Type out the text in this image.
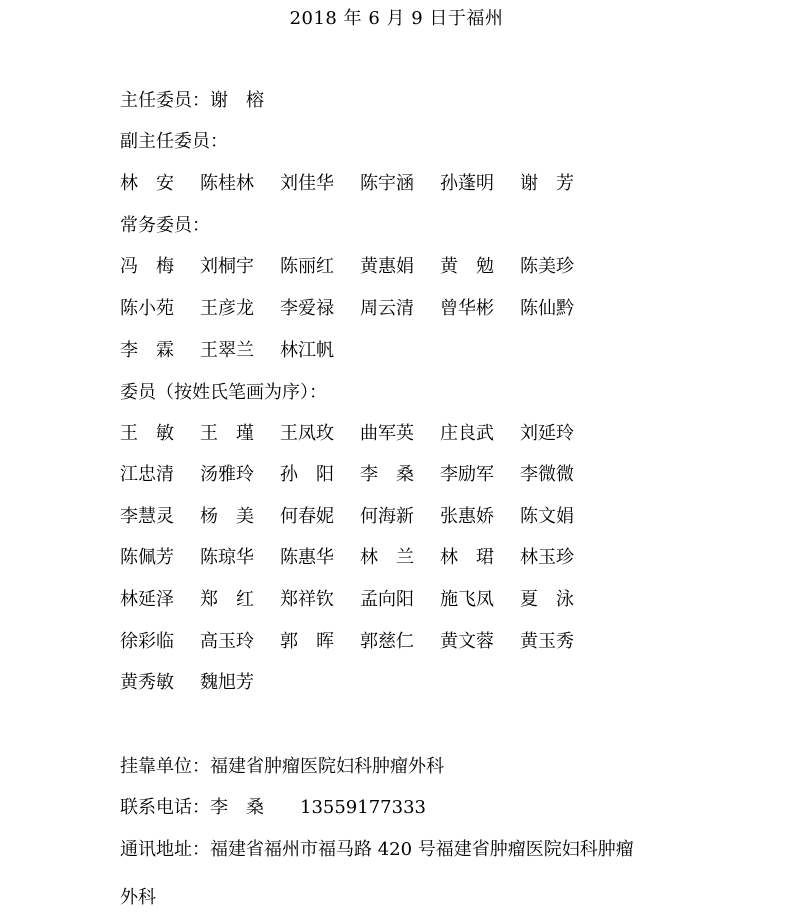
2018 年 6 月 9 日于福州
主任委员：谢　榕
副主任委员：
林　安	陈桂林	刘佳华	陈宇涵	孙蓬明	谢　芳
常务委员：
冯　梅	刘桐宇	陈丽红	黄惠娟	黄　勉	陈美珍
陈小苑	王彦龙	李爱禄	周云清	曾华彬	陈仙黔
李　霖	王翠兰	林江帆
委员（按姓氏笔画为序）：
王　敏	王　瑾	王凤玫	曲军英	庄良武	刘延玲
江忠清	汤雅玲	孙　阳	李　桑	李励军	李微微
李慧灵	杨　美	何春妮	何海新	张惠娇	陈文娟
陈佩芳	陈琼华	陈惠华	林　兰	林　珺	林玉珍
林延泽	郑　红	郑祥钦	孟向阳	施飞凤	夏　泳
徐彩临	高玉玲	郭　晖	郭慈仁	黄文蓉	黄玉秀
黄秀敏	魏旭芳
挂靠单位：福建省肿瘤医院妇科肿瘤外科
联系电话：李　桑　　13559177333
通讯地址：福建省福州市福马路 420 号福建省肿瘤医院妇科肿瘤
外科
